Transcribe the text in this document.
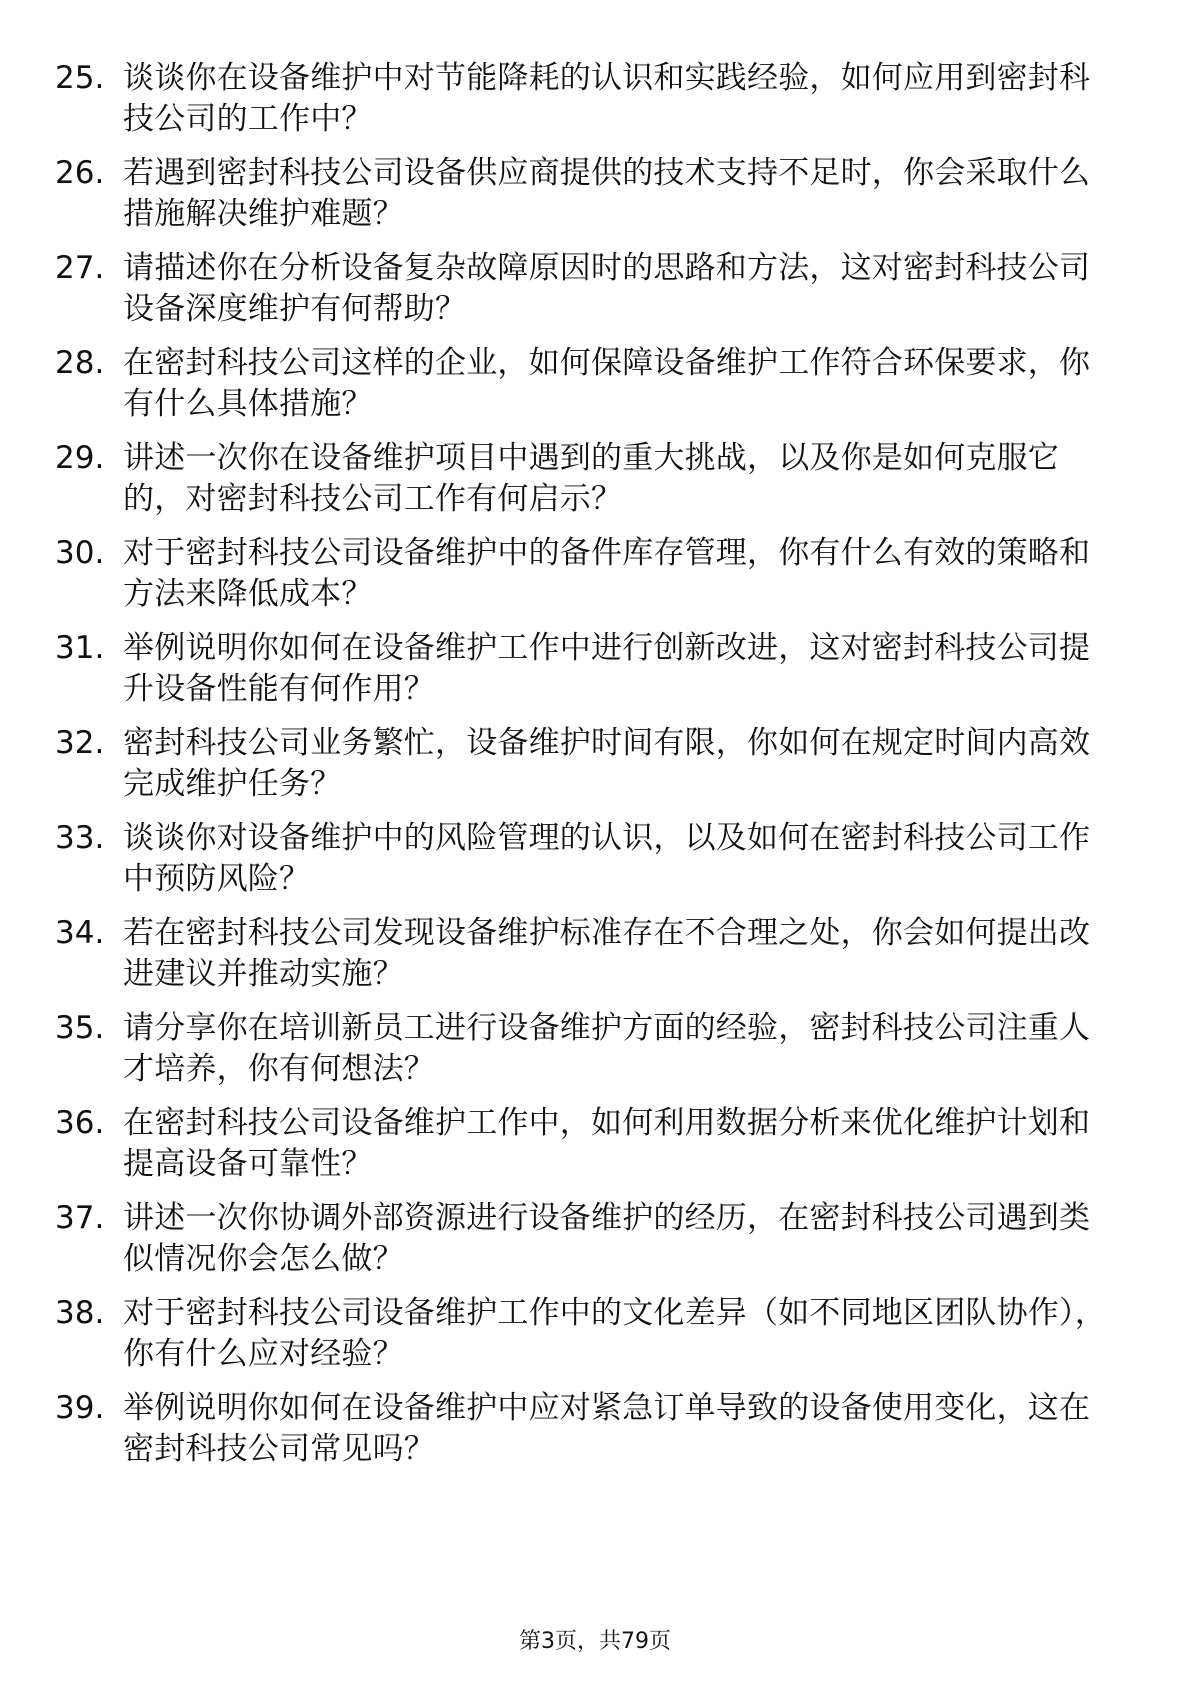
25. 谈谈你在设备维护中对节能降耗的认识和实践经验，如何应用到密封科技公司的工作中？
26. 若遇到密封科技公司设备供应商提供的技术支持不足时，你会采取什么措施解决维护难题？
27. 请描述你在分析设备复杂故障原因时的思路和方法，这对密封科技公司设备深度维护有何帮助？
28. 在密封科技公司这样的企业，如何保障设备维护工作符合环保要求，你有什么具体措施？
29. 讲述一次你在设备维护项目中遇到的重大挑战，以及你是如何克服它的，对密封科技公司工作有何启示？
30. 对于密封科技公司设备维护中的备件库存管理，你有什么有效的策略和方法来降低成本？
31. 举例说明你如何在设备维护工作中进行创新改进，这对密封科技公司提升设备性能有何作用？
32. 密封科技公司业务繁忙，设备维护时间有限，你如何在规定时间内高效完成维护任务？
33. 谈谈你对设备维护中的风险管理的认识，以及如何在密封科技公司工作中预防风险？
34. 若在密封科技公司发现设备维护标准存在不合理之处，你会如何提出改进建议并推动实施？
35. 请分享你在培训新员工进行设备维护方面的经验，密封科技公司注重人才培养，你有何想法？
36. 在密封科技公司设备维护工作中，如何利用数据分析来优化维护计划和提高设备可靠性？
37. 讲述一次你协调外部资源进行设备维护的经历，在密封科技公司遇到类似情况你会怎么做？
38. 对于密封科技公司设备维护工作中的文化差异（如不同地区团队协作），你有什么应对经验？
39. 举例说明你如何在设备维护中应对紧急订单导致的设备使用变化，这在密封科技公司常见吗？
第3页，共79页
